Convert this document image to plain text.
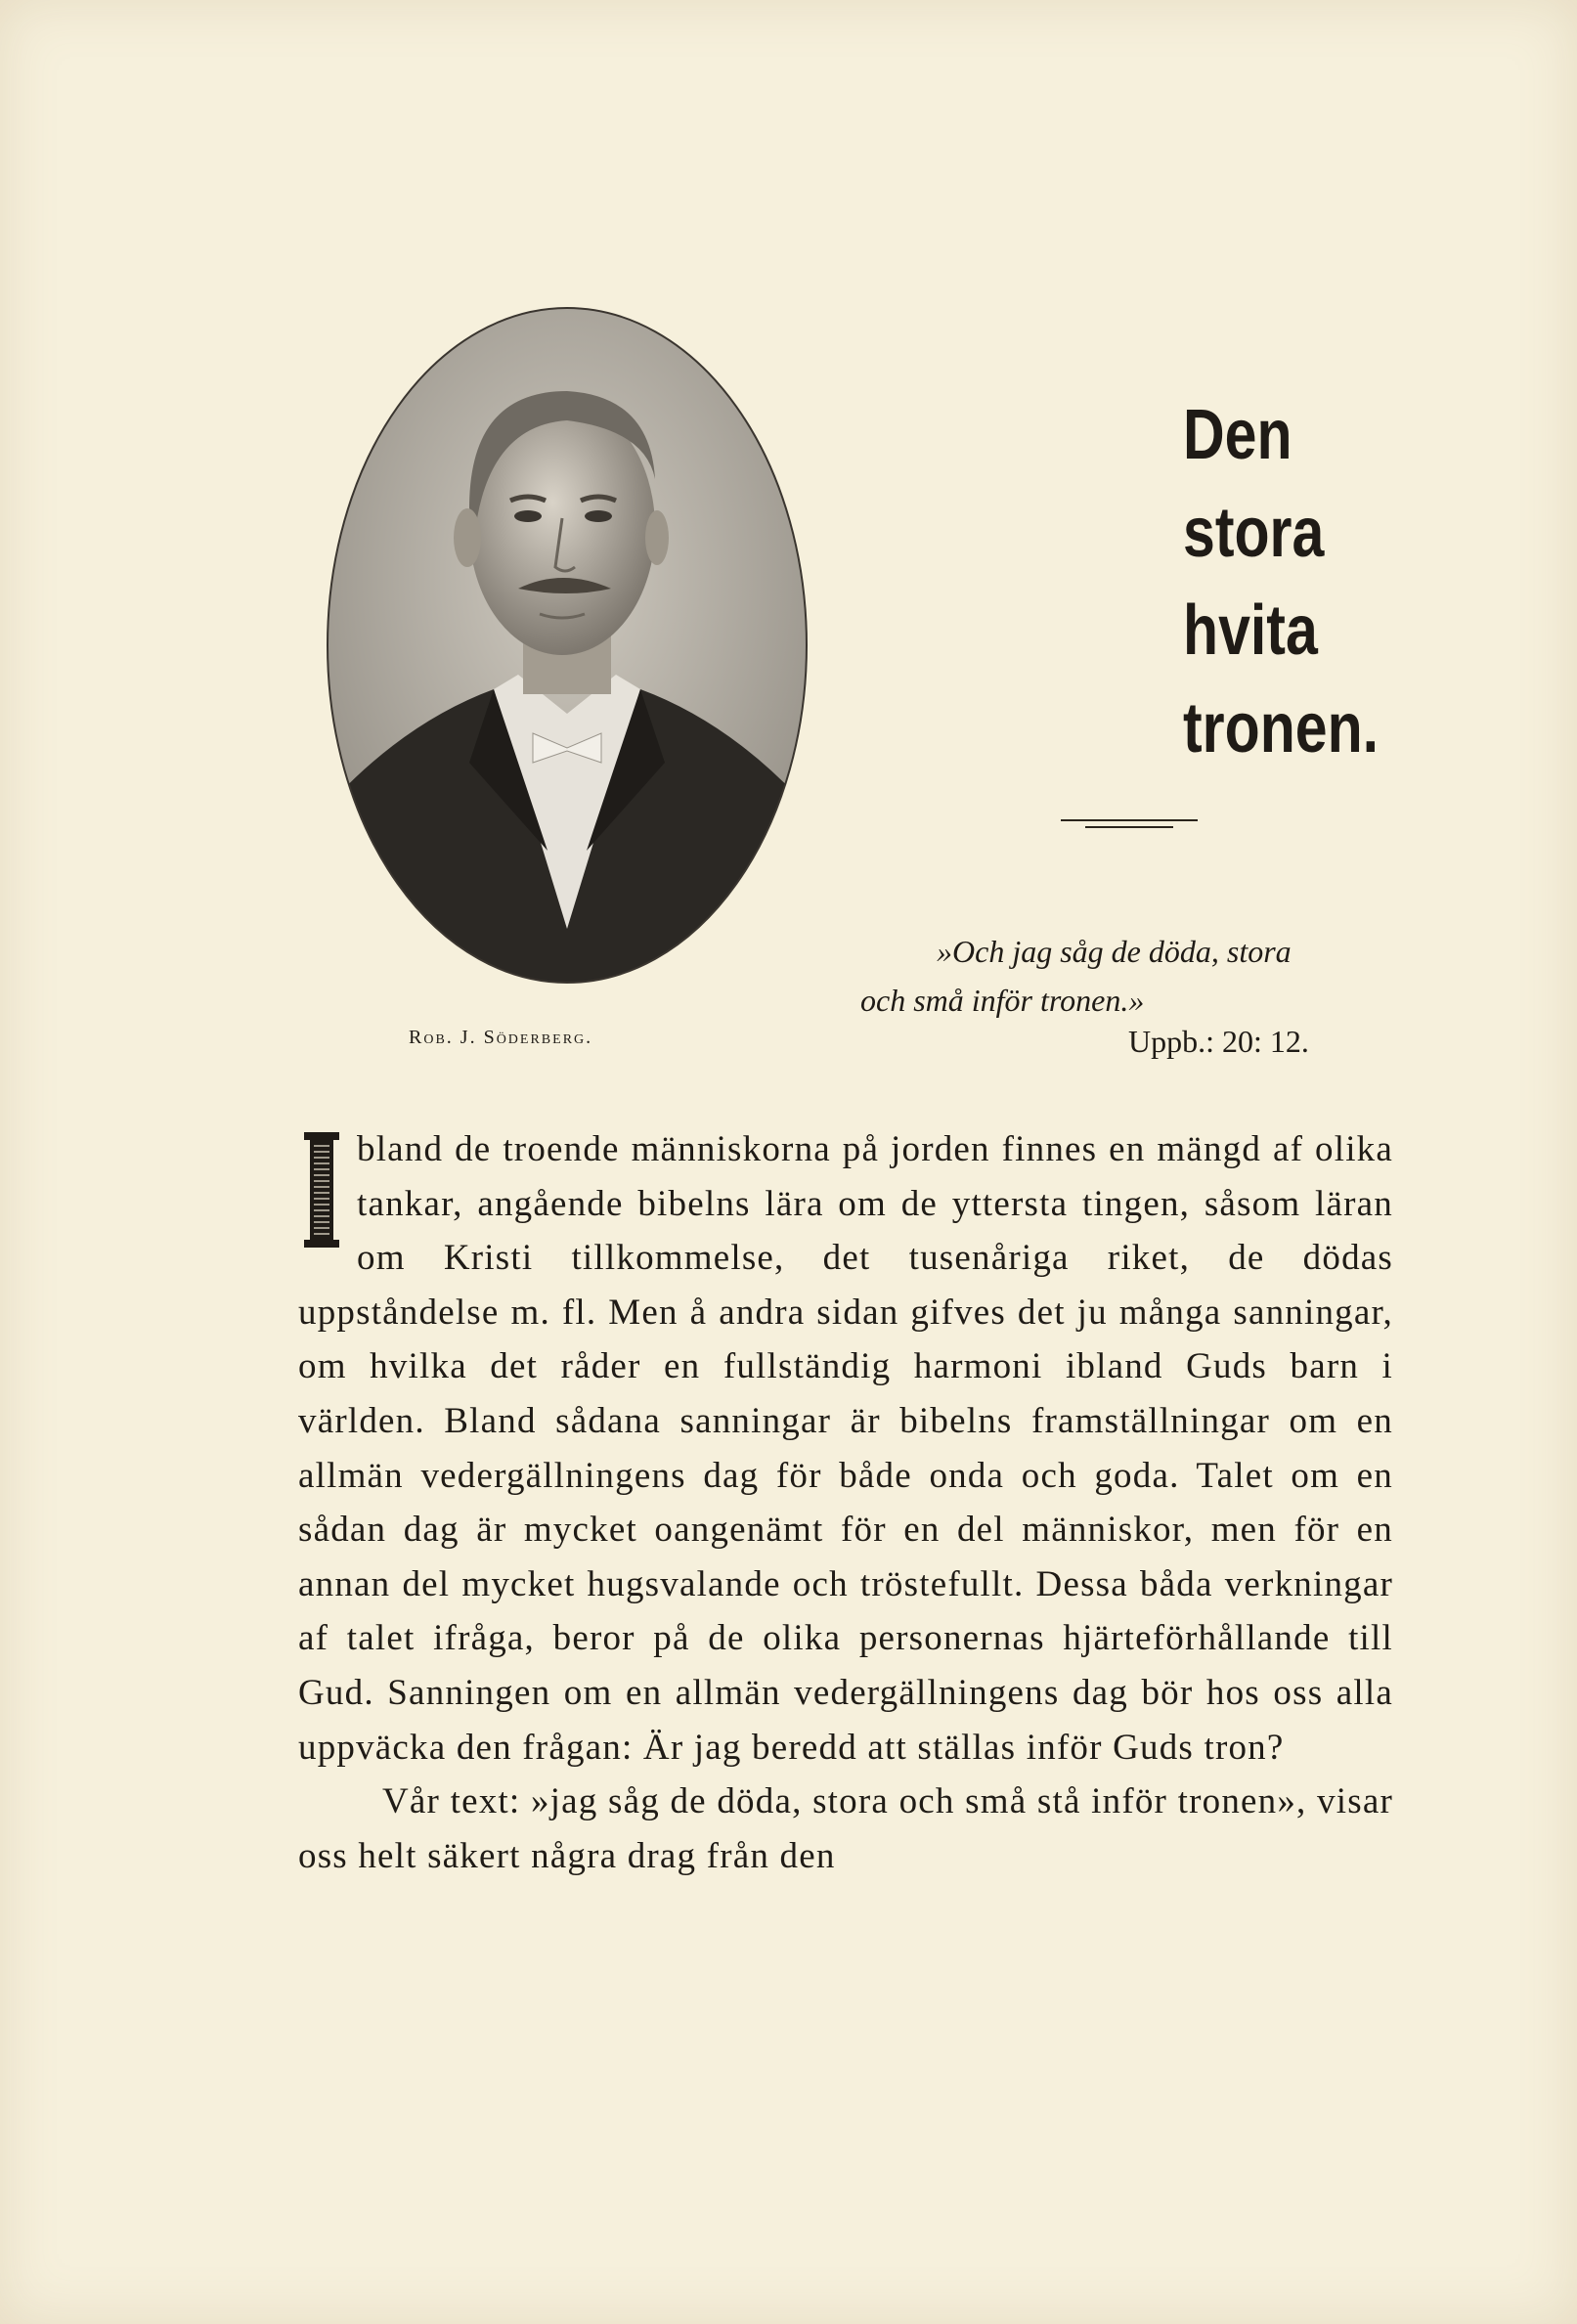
Rob. J. Söderberg.
Den
stora
hvita
tronen.
»Och jag såg de döda, stora
och små inför tronen.»
Uppb.: 20: 12.

bland de troende människorna på jorden finnes en mängd af olika tankar, angående bibelns lära om de yttersta tingen, såsom läran om Kristi tillkommelse, det tusenåriga riket, de dödas uppståndelse m. fl. Men å andra sidan gifves det ju många sanningar, om hvilka det råder en fullständig harmoni ibland Guds barn i världen. Bland sådana sanningar är bibelns framställningar om en allmän vedergällningens dag för både onda och goda. Talet om en sådan dag är mycket oangenämt för en del människor, men för en annan del mycket hugsvalande och tröstefullt. Dessa båda verkningar af talet ifråga, beror på de olika personernas hjärteförhållande till Gud. Sanningen om en allmän vedergällningens dag bör hos oss alla uppväcka den frågan: Är jag beredd att ställas inför Guds tron?

Vår text: »jag såg de döda, stora och små stå inför tronen», visar oss helt säkert några drag från den
